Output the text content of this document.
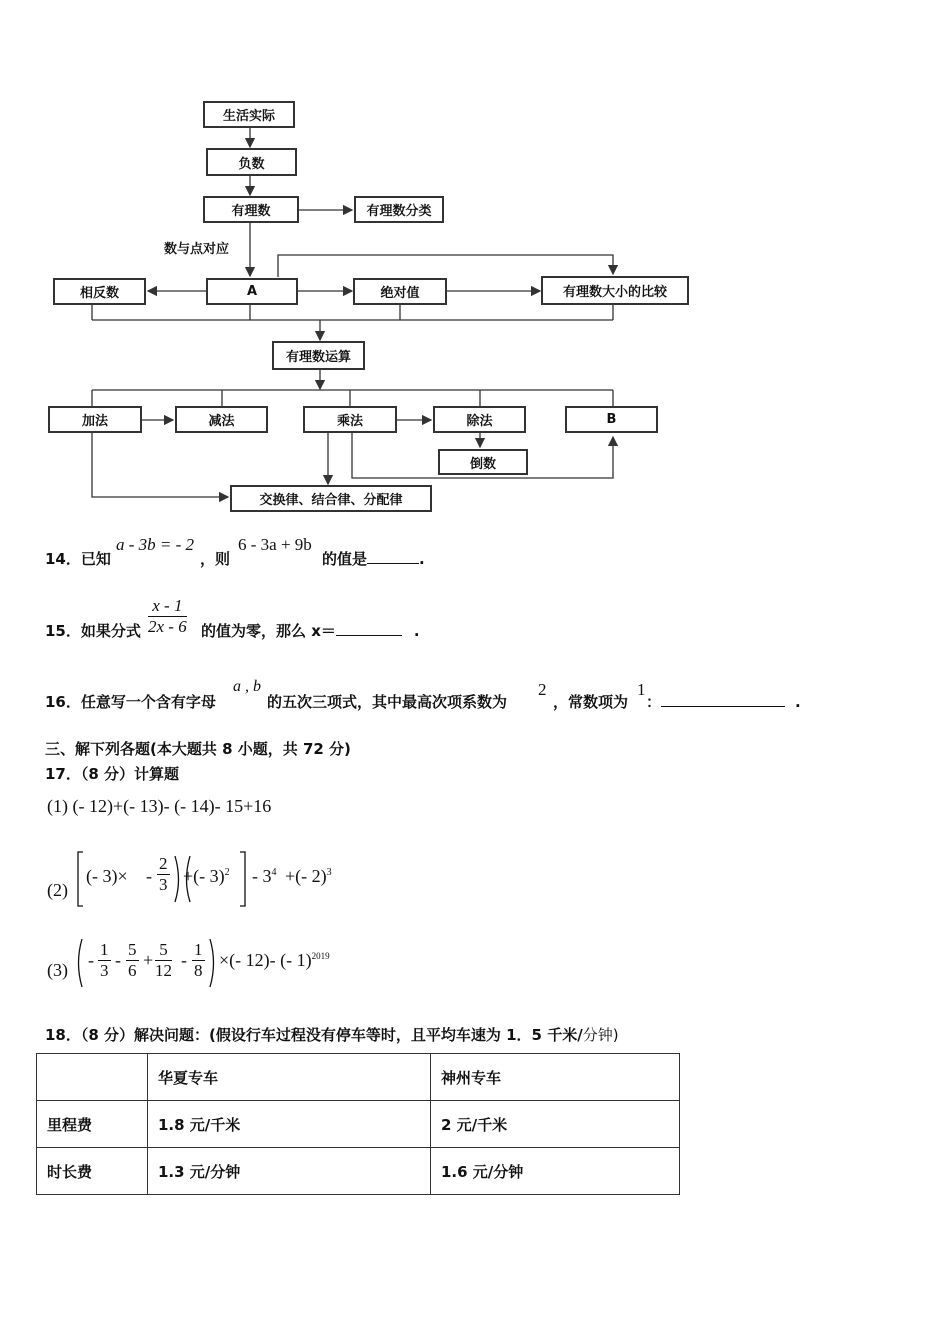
生活实际
负数
有理数	有理数分类
数与点对应
相反数	A	绝对值	有理数大小的比较
有理数运算
加法	减法	乘法	除法	B
倒数
交换律、结合律、分配律
14．已知
a - 3b = - 2
，则
6 - 3a + 9b
的值是	.
15．如果分式 $\frac{x - 1}{2x - 6}$ 的值为零，那么 x＝	.
16．任意写一个含有字母
a , b
的五次三项式，其中最高次项系数为
2
，常数项为
1
：	.
三、解下列各题(本大题共 8 小题，共 72 分)
17．（8 分）计算题
(1) (- 12)+(- 13)- (- 14)- 15+16
(2)
(- $3)\times - \frac{2}{3}$ +(- $3)^2 - 3^4$ +(- 2)$^3$
$(3) - \frac{1}{3} - \frac{5}{6} + \frac{5}{12} - \frac{1}{8}$ ×(- 12)- (- 1)$^{2019}$
18．（8 分）解决问题：(假设行车过程没有停车等时，且平均车速为 1．5 千米/分钟)
	华夏专车	神州专车
里程费	1.8 元/千米	2 元/千米
时长费	1.3 元/分钟	1.6 元/分钟
